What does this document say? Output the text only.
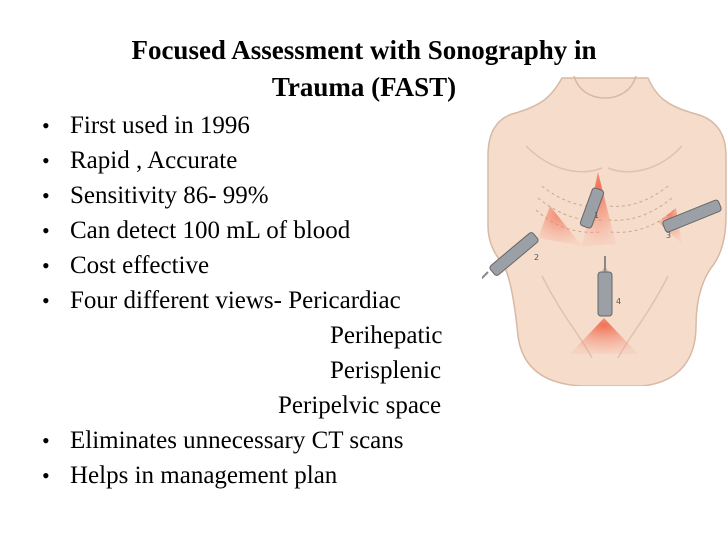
Focused Assessment with Sonography in
Trauma (FAST)
• First used in 1996
• Rapid , Accurate
• Sensitivity 86- 99%
• Can detect 100 mL of blood
• Cost effective
• Four different views- Pericardiac
Perihepatic
Perisplenic
Peripelvic space
• Eliminates unnecessary CT scans
• Helps in management plan
1
2
3
4
